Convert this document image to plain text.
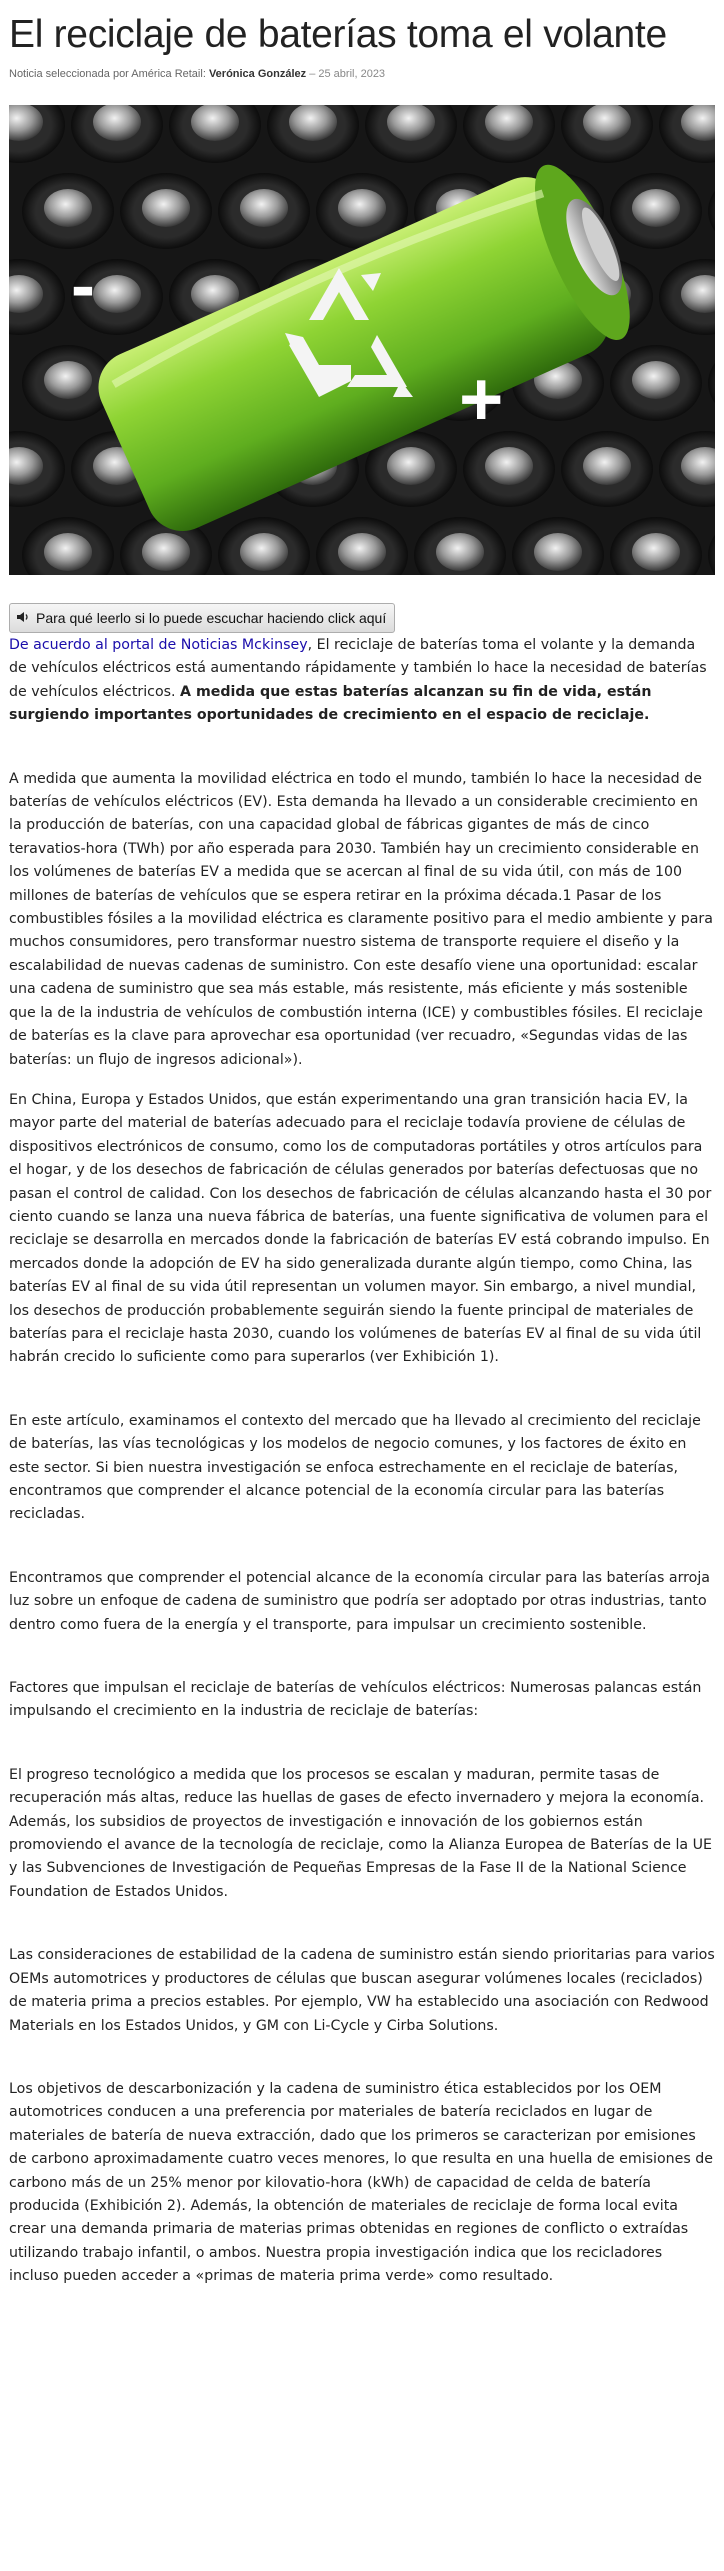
El reciclaje de baterías toma el volante
Noticia seleccionada por América Retail: Verónica González – 25 abril, 2023
-
+
Para qué leerlo si lo puede escuchar haciendo click aquí

De acuerdo al portal de Noticias Mckinsey, El reciclaje de baterías toma el volante y la demanda de vehículos eléctricos está aumentando rápidamente y también lo hace la necesidad de baterías de vehículos eléctricos. A medida que estas baterías alcanzan su fin de vida, están surgiendo importantes oportunidades de crecimiento en el espacio de reciclaje.

A medida que aumenta la movilidad eléctrica en todo el mundo, también lo hace la necesidad de baterías de vehículos eléctricos (EV). Esta demanda ha llevado a un considerable crecimiento en la producción de baterías, con una capacidad global de fábricas gigantes de más de cinco teravatios-hora (TWh) por año esperada para 2030. También hay un crecimiento considerable en los volúmenes de baterías EV a medida que se acercan al final de su vida útil, con más de 100 millones de baterías de vehículos que se espera retirar en la próxima década.1 Pasar de los combustibles fósiles a la movilidad eléctrica es claramente positivo para el medio ambiente y para muchos consumidores, pero transformar nuestro sistema de transporte requiere el diseño y la escalabilidad de nuevas cadenas de suministro. Con este desafío viene una oportunidad: escalar una cadena de suministro que sea más estable, más resistente, más eficiente y más sostenible que la de la industria de vehículos de combustión interna (ICE) y combustibles fósiles. El reciclaje de baterías es la clave para aprovechar esa oportunidad (ver recuadro, «Segundas vidas de las baterías: un flujo de ingresos adicional»).

En China, Europa y Estados Unidos, que están experimentando una gran transición hacia EV, la mayor parte del material de baterías adecuado para el reciclaje todavía proviene de células de dispositivos electrónicos de consumo, como los de computadoras portátiles y otros artículos para el hogar, y de los desechos de fabricación de células generados por baterías defectuosas que no pasan el control de calidad. Con los desechos de fabricación de células alcanzando hasta el 30 por ciento cuando se lanza una nueva fábrica de baterías, una fuente significativa de volumen para el reciclaje se desarrolla en mercados donde la fabricación de baterías EV está cobrando impulso. En mercados donde la adopción de EV ha sido generalizada durante algún tiempo, como China, las baterías EV al final de su vida útil representan un volumen mayor. Sin embargo, a nivel mundial, los desechos de producción probablemente seguirán siendo la fuente principal de materiales de baterías para el reciclaje hasta 2030, cuando los volúmenes de baterías EV al final de su vida útil habrán crecido lo suficiente como para superarlos (ver Exhibición 1).

En este artículo, examinamos el contexto del mercado que ha llevado al crecimiento del reciclaje de baterías, las vías tecnológicas y los modelos de negocio comunes, y los factores de éxito en este sector. Si bien nuestra investigación se enfoca estrechamente en el reciclaje de baterías, encontramos que comprender el alcance potencial de la economía circular para las baterías recicladas.

Encontramos que comprender el potencial alcance de la economía circular para las baterías arroja luz sobre un enfoque de cadena de suministro que podría ser adoptado por otras industrias, tanto dentro como fuera de la energía y el transporte, para impulsar un crecimiento sostenible.

Factores que impulsan el reciclaje de baterías de vehículos eléctricos: Numerosas palancas están impulsando el crecimiento en la industria de reciclaje de baterías:

El progreso tecnológico a medida que los procesos se escalan y maduran, permite tasas de recuperación más altas, reduce las huellas de gases de efecto invernadero y mejora la economía. Además, los subsidios de proyectos de investigación e innovación de los gobiernos están promoviendo el avance de la tecnología de reciclaje, como la Alianza Europea de Baterías de la UE y las Subvenciones de Investigación de Pequeñas Empresas de la Fase II de la National Science Foundation de Estados Unidos.

Las consideraciones de estabilidad de la cadena de suministro están siendo prioritarias para varios OEMs automotrices y productores de células que buscan asegurar volúmenes locales (reciclados) de materia prima a precios estables. Por ejemplo, VW ha establecido una asociación con Redwood Materials en los Estados Unidos, y GM con Li-Cycle y Cirba Solutions.

Los objetivos de descarbonización y la cadena de suministro ética establecidos por los OEM automotrices conducen a una preferencia por materiales de batería reciclados en lugar de materiales de batería de nueva extracción, dado que los primeros se caracterizan por emisiones de carbono aproximadamente cuatro veces menores, lo que resulta en una huella de emisiones de carbono más de un 25% menor por kilovatio-hora (kWh) de capacidad de celda de batería producida (Exhibición 2). Además, la obtención de materiales de reciclaje de forma local evita crear una demanda primaria de materias primas obtenidas en regiones de conflicto o extraídas utilizando trabajo infantil, o ambos. Nuestra propia investigación indica que los recicladores incluso pueden acceder a «primas de materia prima verde» como resultado.
